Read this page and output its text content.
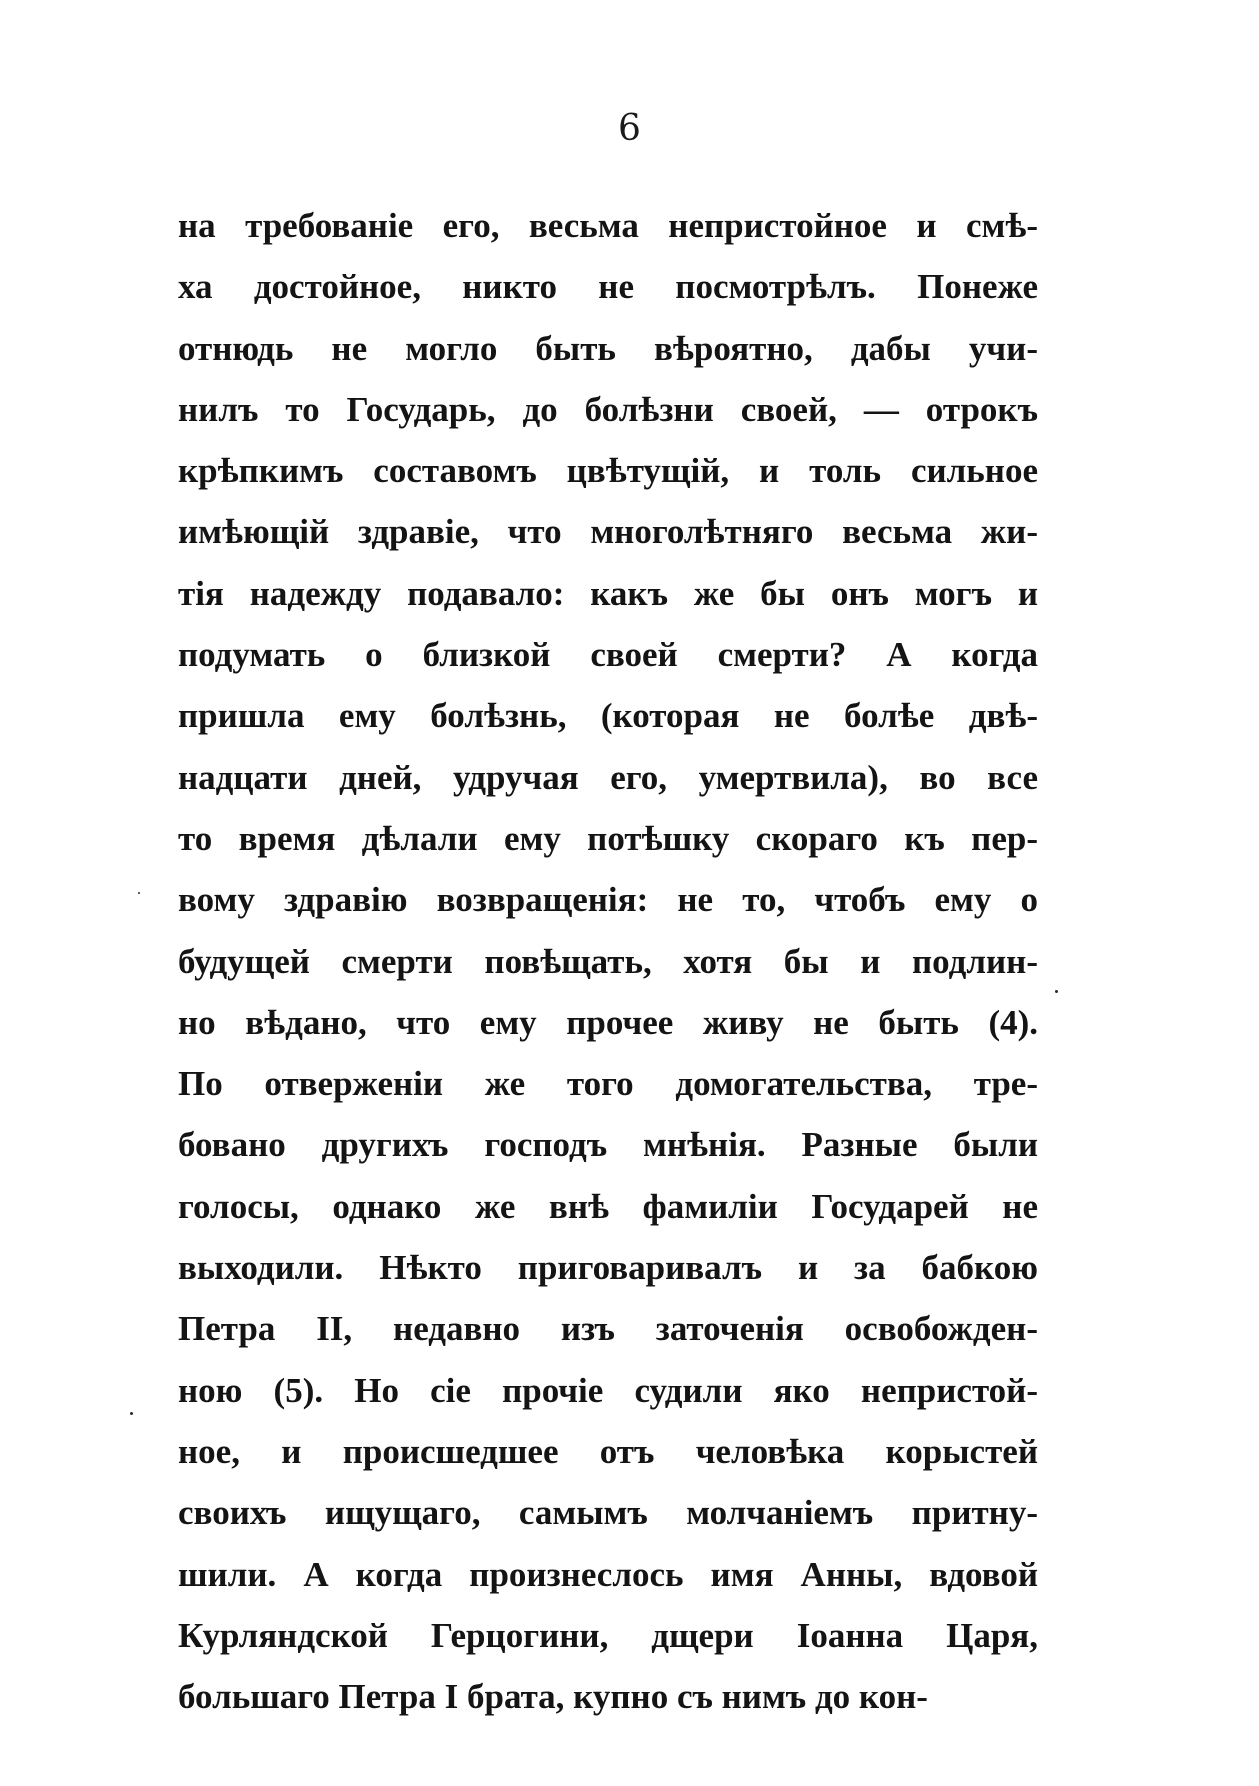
6
на требованіе его, весьма непристойное и смѣ-
ха достойное, никто не посмотрѣлъ. Понеже
отнюдь не могло быть вѣроятно, дабы учи-
нилъ то Государь, до болѣзни своей, — отрокъ
крѣпкимъ составомъ цвѣтущій, и толь сильное
имѣющій здравіе, что многолѣтняго весьма жи-
тія надежду подавало: какъ же бы онъ могъ и
подумать о близкой своей смерти? А когда
пришла ему болѣзнь, (которая не болѣе двѣ-
надцати дней, удручая его, умертвила), во все
то время дѣлали ему потѣшку скораго къ пер-
вому здравію возвращенія: не то, чтобъ ему о
будущей смерти повѣщать, хотя бы и подлин-
но вѣдано, что ему прочее живу не быть (4).
По отверженіи же того домогательства, тре-
бовано другихъ господъ мнѣнія. Разные были
голосы, однако же внѣ фамиліи Государей не
выходили. Нѣкто приговаривалъ и за бабкою
Петра II, недавно изъ заточенія освобожден-
ною (5). Но сіе прочіе судили яко непристой-
ное, и происшедшее отъ человѣка корыстей
своихъ ищущаго, самымъ молчаніемъ притну-
шили. А когда произнеслось имя Анны, вдовой
Курляндской Герцогини, дщери Іоанна Царя,
большаго Петра I брата, купно съ нимъ до кон-
